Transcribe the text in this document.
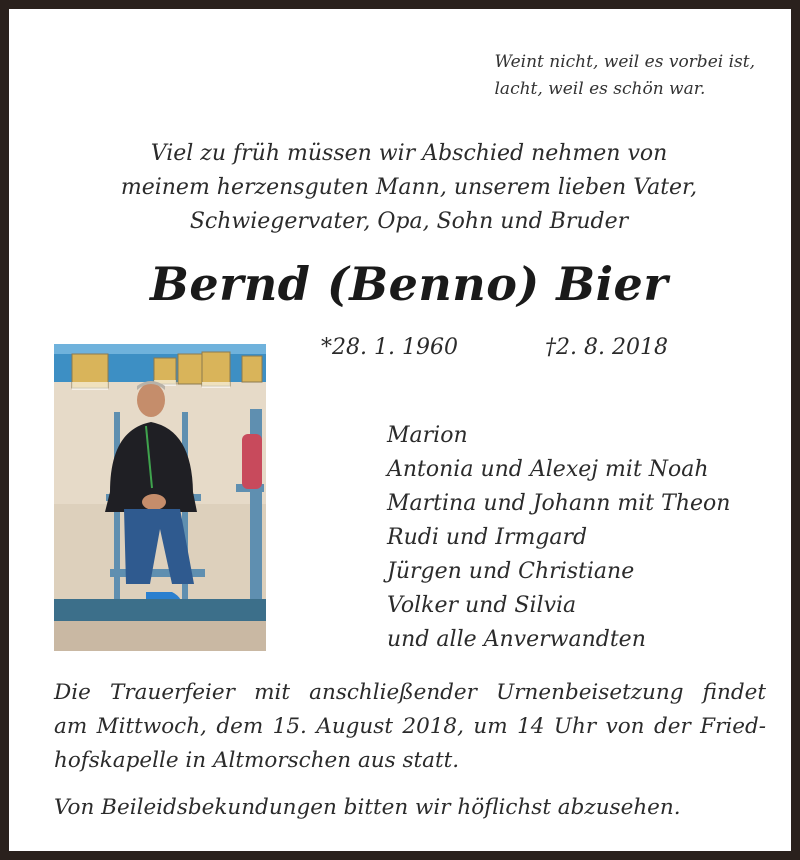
Weint nicht, weil es vorbei ist,
lacht, weil es schön war.
Viel zu früh müssen wir Abschied nehmen von
meinem herzensguten Mann, unserem lieben Vater,
Schwiegervater, Opa, Sohn und Bruder
Bernd (Benno) Bier
*28. 1. 1960	†2. 8. 2018
Marion
Antonia und Alexej mit Noah
Martina und Johann mit Theon
Rudi und Irmgard
Jürgen und Christiane
Volker und Silvia
und alle Anverwandten
Die Trauerfeier mit anschließender Urnenbeisetzung findet
am Mittwoch, dem 15. August 2018, um 14 Uhr von der Fried-
hofskapelle in Altmorschen aus statt.
Von Beileidsbekundungen bitten wir höflichst abzusehen.
